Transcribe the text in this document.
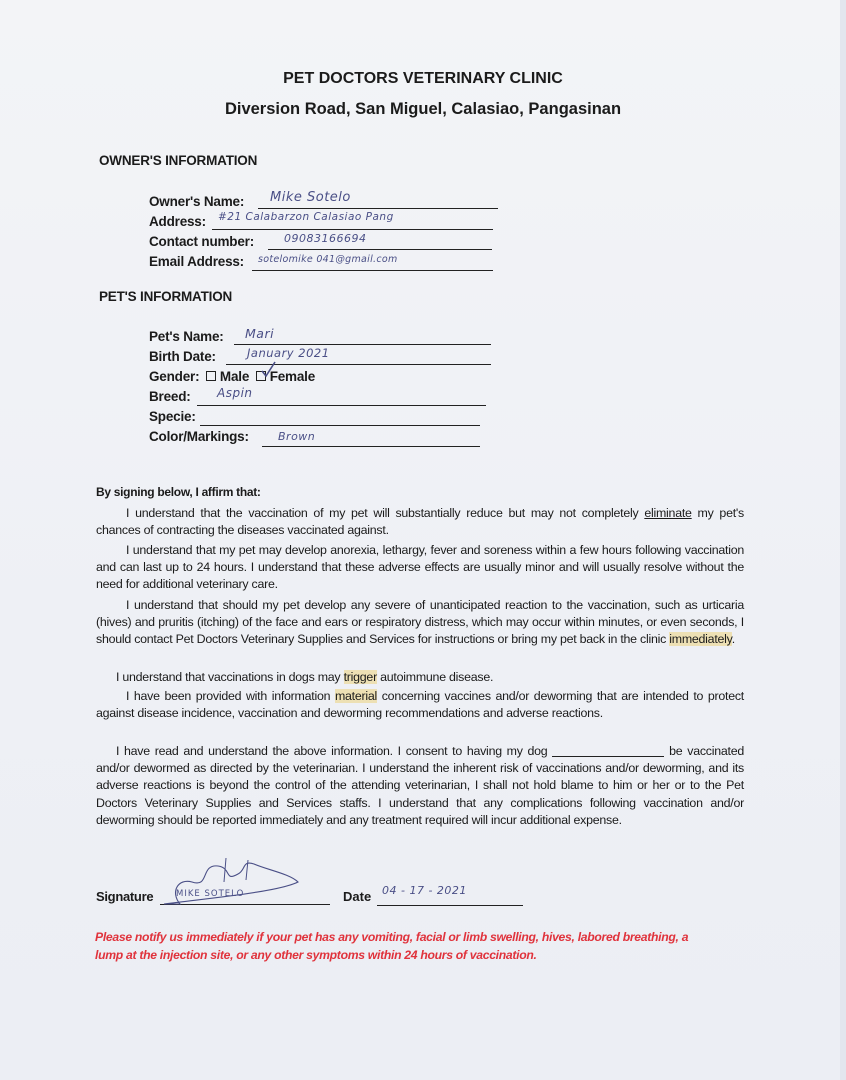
PET DOCTORS VETERINARY CLINIC
Diversion Road, San Miguel, Calasiao, Pangasinan
OWNER'S INFORMATION
Owner's Name: Mike Sotelo
Address: #21 Calabarzon Calasiao Pang
Contact number:	09083166694
Email Address: sotelomike 041@gmail.com
PET'S INFORMATION
Pet's Name: Mari
Birth Date:	January 2021
Gender: Male Female
Breed: Aspin
Specie:
Color/Markings:	Brown
By signing below, I affirm that:
I understand that the vaccination of my pet will substantially reduce but may not completely eliminate my pet's chances of contracting the diseases vaccinated against.
I understand that my pet may develop anorexia, lethargy, fever and soreness within a few hours following vaccination and can last up to 24 hours. I understand that these adverse effects are usually minor and will usually resolve without the need for additional veterinary care.
I understand that should my pet develop any severe of unanticipated reaction to the vaccination, such as urticaria (hives) and pruritis (itching) of the face and ears or respiratory distress, which may occur within minutes, or even seconds, I should contact Pet Doctors Veterinary Supplies and Services for instructions or bring my pet back in the clinic immediately.
I understand that vaccinations in dogs may trigger autoimmune disease.
I have been provided with information material concerning vaccines and/or deworming that are intended to protect against disease incidence, vaccination and deworming recommendations and adverse reactions.
I have read and understand the above information. I consent to having my dog	be vaccinated and/or dewormed as directed by the veterinarian. I understand the inherent risk of vaccinations and/or deworming, and its adverse reactions is beyond the control of the attending veterinarian, I shall not hold blame to him or her or to the Pet Doctors Veterinary Supplies and Services staffs. I understand that any complications following vaccination and/or deworming should be reported immediately and any treatment required will incur additional expense.
Signature	MIKE SOTELO	Date 04 - 17 - 2021
Please notify us immediately if your pet has any vomiting, facial or limb swelling, hives, labored breathing, a lump at the injection site, or any other symptoms within 24 hours of vaccination.
